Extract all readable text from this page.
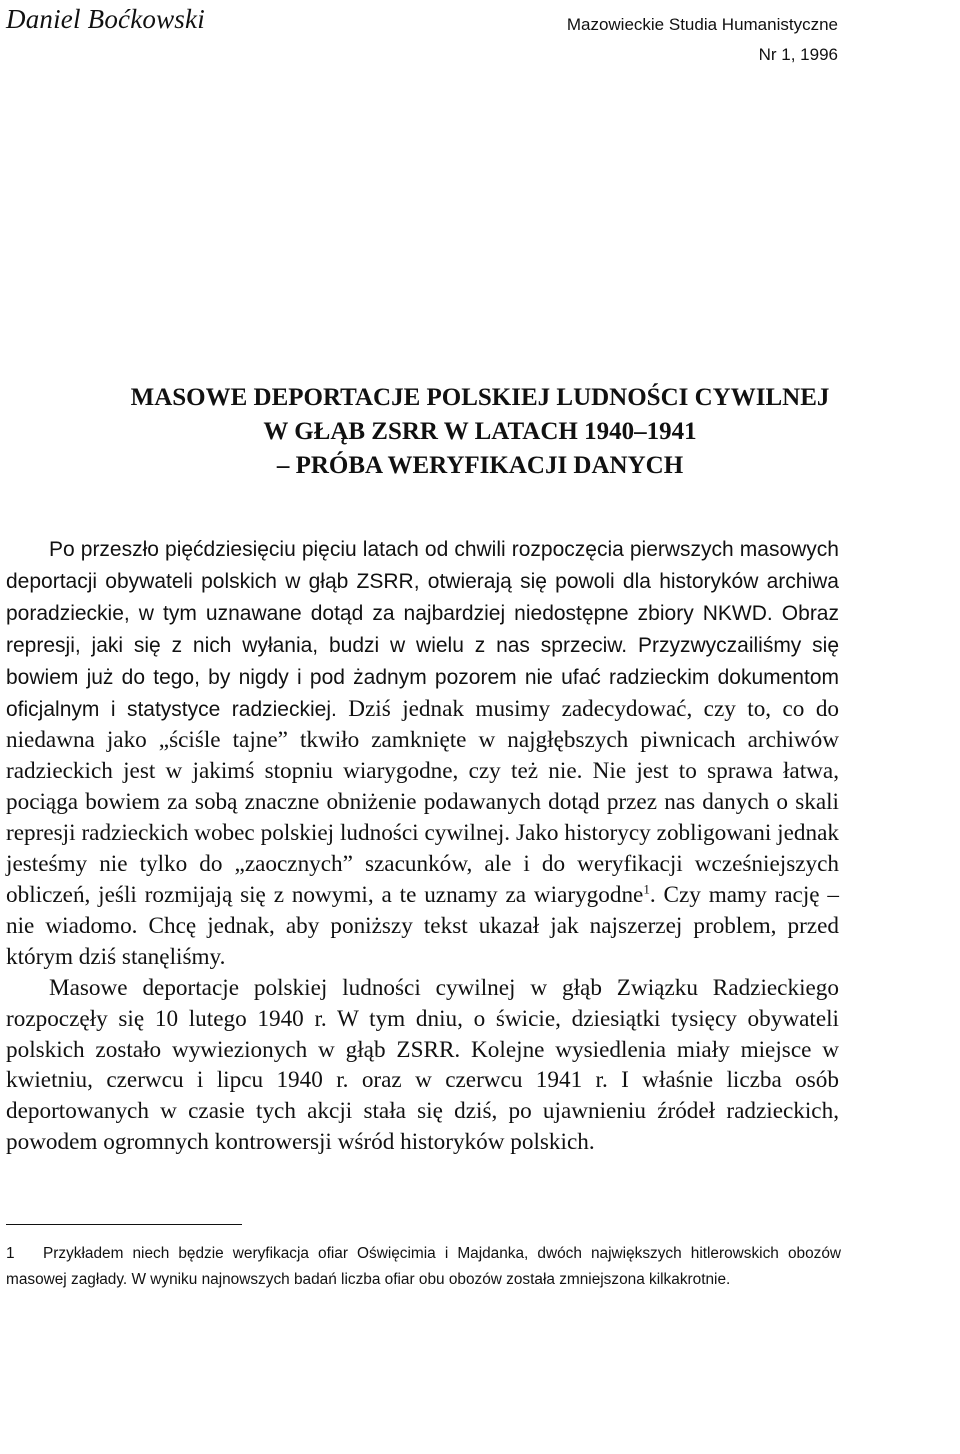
Daniel Boćkowski	Mazowieckie Studia Humanistyczne
Nr 1, 1996
MASOWE DEPORTACJE POLSKIEJ LUDNOŚCI CYWILNEJ
W GŁĄB ZSRR W LATACH 1940–1941
– PRÓBA WERYFIKACJI DANYCH

Po przeszło pięćdziesięciu pięciu latach od chwili rozpoczęcia pierwszych masowych deportacji obywateli polskich w głąb ZSRR, otwierają się powoli dla historyków archiwa poradzieckie, w tym uznawane dotąd za najbardziej niedostępne zbiory NKWD. Obraz represji, jaki się z nich wyłania, budzi w wielu z nas sprzeciw. Przyzwyczailiśmy się bowiem już do tego, by nigdy i pod żadnym pozorem nie ufać radzieckim dokumentom oficjalnym i statystyce radzieckiej. Dziś jednak musimy zadecydować, czy to, co do niedawna jako „ściśle tajne” tkwiło zamknięte w najgłębszych piwnicach archiwów radzieckich jest w jakimś stopniu wiarygodne, czy też nie. Nie jest to sprawa łatwa, pociąga bowiem za sobą znaczne obniżenie podawanych dotąd przez nas danych o skali represji radzieckich wobec polskiej ludności cywilnej. Jako historycy zobligowani jednak jesteśmy nie tylko do „zaocznych” szacunków, ale i do weryfikacji wcześniejszych obliczeń, jeśli rozmijają się z nowymi, a te uznamy za wiarygodne$^1$. Czy mamy rację – nie wiadomo. Chcę jednak, aby poniższy tekst ukazał jak najszerzej problem, przed którym dziś stanęliśmy.

Masowe deportacje polskiej ludności cywilnej w głąb Związku Radzieckiego rozpoczęły się 10 lutego 1940 r. W tym dniu, o świcie, dziesiątki tysięcy obywateli polskich zostało wywiezionych w głąb ZSRR. Kolejne wysiedlenia miały miejsce w kwietniu, czerwcu i lipcu 1940 r. oraz w czerwcu 1941 r. I właśnie liczba osób deportowanych w czasie tych akcji stała się dziś, po ujawnieniu źródeł radzieckich, powodem ogromnych kontrowersji wśród historyków polskich.

1 Przykładem niech będzie weryfikacja ofiar Oświęcimia i Majdanka, dwóch największych hitlerowskich obozów masowej zagłady. W wyniku najnowszych badań liczba ofiar obu obozów została zmniejszona kilkakrotnie.
